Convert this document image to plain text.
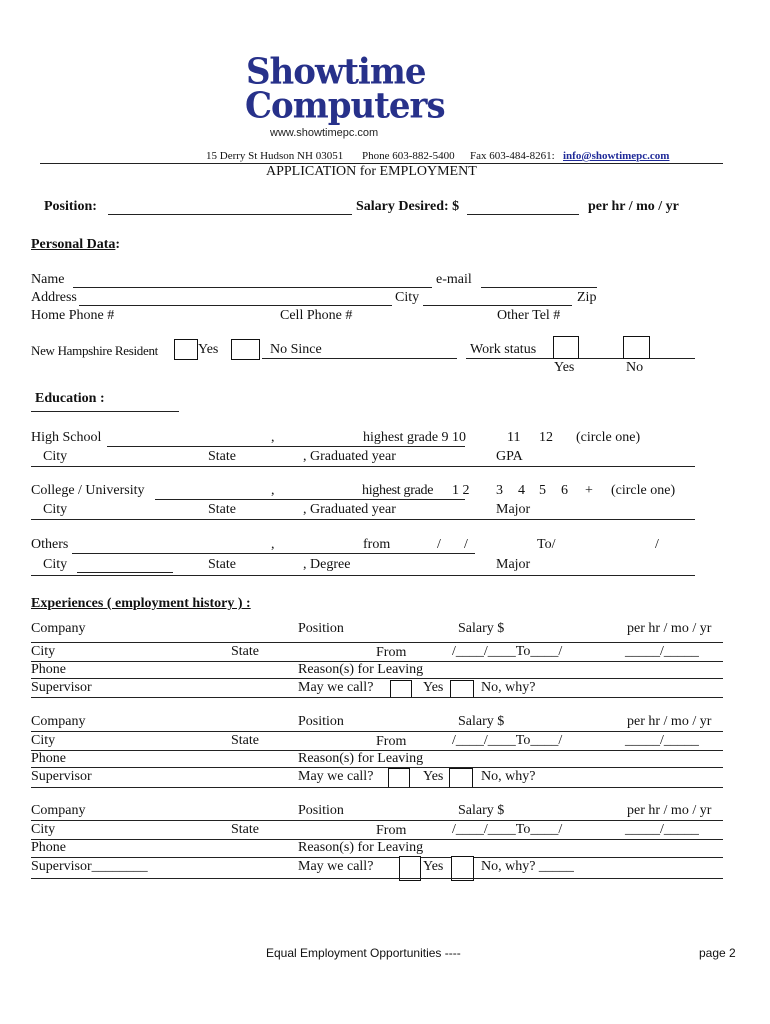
Showtime
Computers
www.showtimepc.com
15 Derry St Hudson NH 03051 Phone 603-882-5400 Fax 603-484-8261: info@showtimepc.com
APPLICATION for EMPLOYMENT
Position:	Salary Desired: $	per hr / mo / yr
Personal Data:
Name	e-mail
Address	City	Zip
Home Phone #	Cell Phone #	Other Tel #
New Hampshire Resident	Yes	No Since	Work status
Yes	No
Education :
High School	,	highest grade 9 10	11 12 (circle one)
City	State	, Graduated year	GPA
College / University	,	highest grade 1 2 3 4 5 6 + (circle one)
City	State	, Graduated year	Major
Others	,	from	/ /	To/	/
City	State	, Degree	Major
Experiences ( employment history ) :
Company	Position	Salary $	per hr / mo / yr
City	State	From	/____/____To____/	_____/_____
Phone	Reason(s) for Leaving
Supervisor	May we call?	Yes	No, why?
Company	Position	Salary $	per hr / mo / yr
City	State	From	/____/____To____/	_____/_____
Phone	Reason(s) for Leaving
Supervisor	May we call?	Yes	No, why?
Company	Position	Salary $	per hr / mo / yr
City	State	From	/____/____To____/	_____/_____
Phone	Reason(s) for Leaving
Supervisor________	May we call?	Yes	No, why? _____
Equal Employment Opportunities ----	page 2
